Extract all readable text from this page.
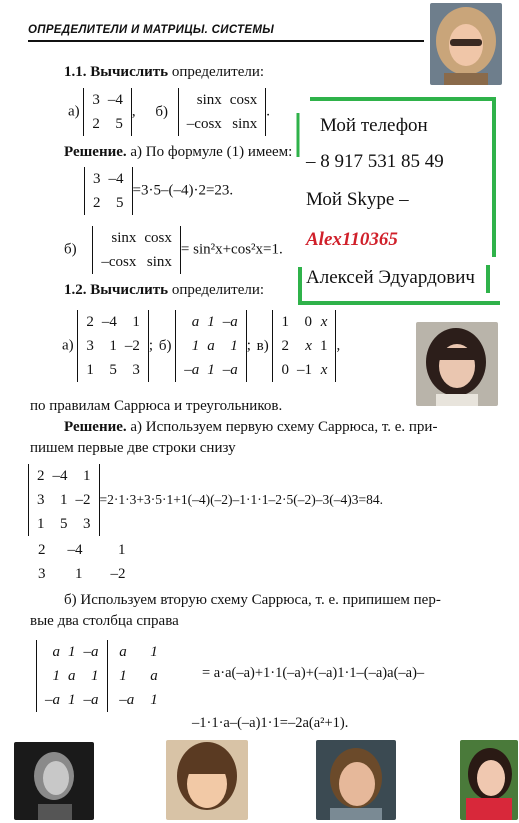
ОПРЕДЕЛИТЕЛИ И МАТРИЦЫ. СИСТЕМЫ
1.1. Вычислить определители:
а)
3	–4
2	5
, б)
sinx	cosx
–cosx	sinx
.
Решение. а) По формуле (1) имеем:
3	–4
2	5
=3·5–(–4)·2=23.
б)
sinx	cosx
–cosx	sinx
= sin²x+cos²x=1.
Мой телефон
– 8 917 531 85 49
Мой Skype –
Alex110365
Алексей Эдуардович
1.2. Вычислить определители:
а)
2	–4	1
3	1	–2
1	5	3
; б)
a	1	–a
1	a	1
–a	1	–a
; в)
1	0	x
2	x	1
0	–1	x
,
по правилам Саррюса и треугольников.
Решение. а) Используем первую схему Саррюса, т. е. при-
пишем первые две строки снизу
2	–4	1
3	1	–2
1	5	3
=2·1·3+3·5·1+1(–4)(–2)–1·1·1–2·5(–2)–3(–4)3=84.
2	–4	1
3	1	–2
б) Используем вторую схему Саррюса, т. е. припишем пер-
вые два столбца справа
a	1	–a
1	a	1
–a	1	–a

a	1
1	a
–a	1
= a·a(–a)+1·1(–a)+(–a)1·1–(–a)a(–a)–
–1·1·a–(–a)1·1=–2a(a²+1).
